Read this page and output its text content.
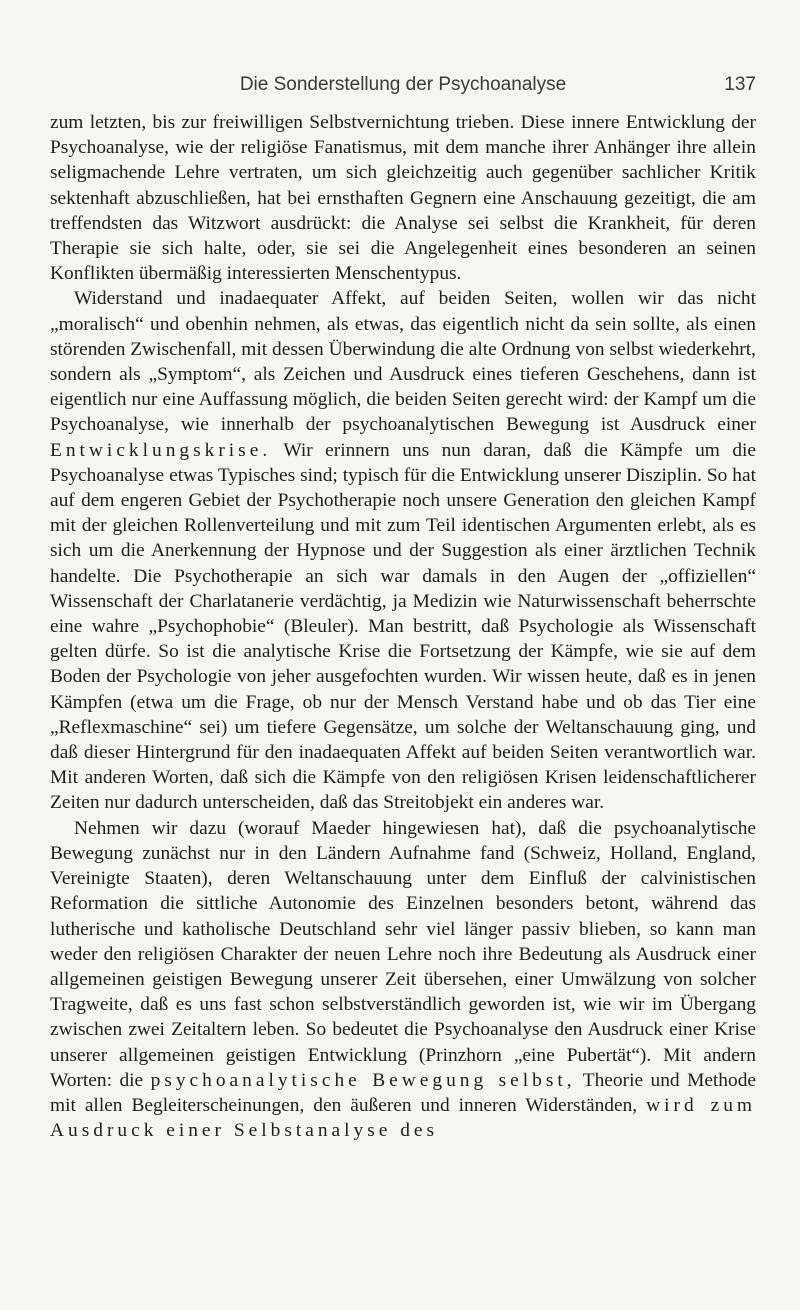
Die Sonderstellung der Psychoanalyse	137

zum letzten, bis zur freiwilligen Selbstvernichtung trieben. Diese innere Entwicklung der Psychoanalyse, wie der religiöse Fanatismus, mit dem manche ihrer Anhänger ihre allein seligmachende Lehre vertraten, um sich gleichzeitig auch gegenüber sachlicher Kritik sektenhaft abzuschließen, hat bei ernsthaften Gegnern eine Anschauung gezeitigt, die am treffendsten das Witzwort ausdrückt: die Analyse sei selbst die Krankheit, für deren Therapie sie sich halte, oder, sie sei die Angelegenheit eines besonderen an seinen Konflikten übermäßig interessierten Menschentypus.

Widerstand und inadaequater Affekt, auf beiden Seiten, wollen wir das nicht „moralisch“ und obenhin nehmen, als etwas, das eigentlich nicht da sein sollte, als einen störenden Zwischenfall, mit dessen Überwindung die alte Ordnung von selbst wiederkehrt, sondern als „Symptom“, als Zeichen und Ausdruck eines tieferen Geschehens, dann ist eigentlich nur eine Auffassung möglich, die beiden Seiten gerecht wird: der Kampf um die Psychoanalyse, wie innerhalb der psychoanalytischen Bewegung ist Ausdruck einer Entwicklungskrise. Wir erinnern uns nun daran, daß die Kämpfe um die Psychoanalyse etwas Typisches sind; typisch für die Entwicklung unserer Disziplin. So hat auf dem engeren Gebiet der Psychotherapie noch unsere Generation den gleichen Kampf mit der gleichen Rollenverteilung und mit zum Teil identischen Argumenten erlebt, als es sich um die Anerkennung der Hypnose und der Suggestion als einer ärztlichen Technik handelte. Die Psychotherapie an sich war damals in den Augen der „offiziellen“ Wissenschaft der Charlatanerie verdächtig, ja Medizin wie Naturwissenschaft beherrschte eine wahre „Psychophobie“ (Bleuler). Man bestritt, daß Psychologie als Wissenschaft gelten dürfe. So ist die analytische Krise die Fortsetzung der Kämpfe, wie sie auf dem Boden der Psychologie von jeher ausgefochten wurden. Wir wissen heute, daß es in jenen Kämpfen (etwa um die Frage, ob nur der Mensch Verstand habe und ob das Tier eine „Reflexmaschine“ sei) um tiefere Gegensätze, um solche der Weltanschauung ging, und daß dieser Hintergrund für den inadaequaten Affekt auf beiden Seiten verantwortlich war. Mit anderen Worten, daß sich die Kämpfe von den religiösen Krisen leidenschaftlicherer Zeiten nur dadurch unterscheiden, daß das Streitobjekt ein anderes war.

Nehmen wir dazu (worauf Maeder hingewiesen hat), daß die psychoanalytische Bewegung zunächst nur in den Ländern Aufnahme fand (Schweiz, Holland, England, Vereinigte Staaten), deren Weltanschauung unter dem Einfluß der calvinistischen Reformation die sittliche Autonomie des Einzelnen besonders betont, während das lutherische und katholische Deutschland sehr viel länger passiv blieben, so kann man weder den religiösen Charakter der neuen Lehre noch ihre Bedeutung als Ausdruck einer allgemeinen geistigen Bewegung unserer Zeit übersehen, einer Umwälzung von solcher Tragweite, daß es uns fast schon selbstverständlich geworden ist, wie wir im Übergang zwischen zwei Zeitaltern leben. So bedeutet die Psychoanalyse den Ausdruck einer Krise unserer allgemeinen geistigen Entwicklung (Prinzhorn „eine Pubertät“). Mit andern Worten: die psychoanalytische Bewegung selbst, Theorie und Methode mit allen Begleiterscheinungen, den äußeren und inneren Widerständen, wird zum Ausdruck einer Selbstanalyse des
